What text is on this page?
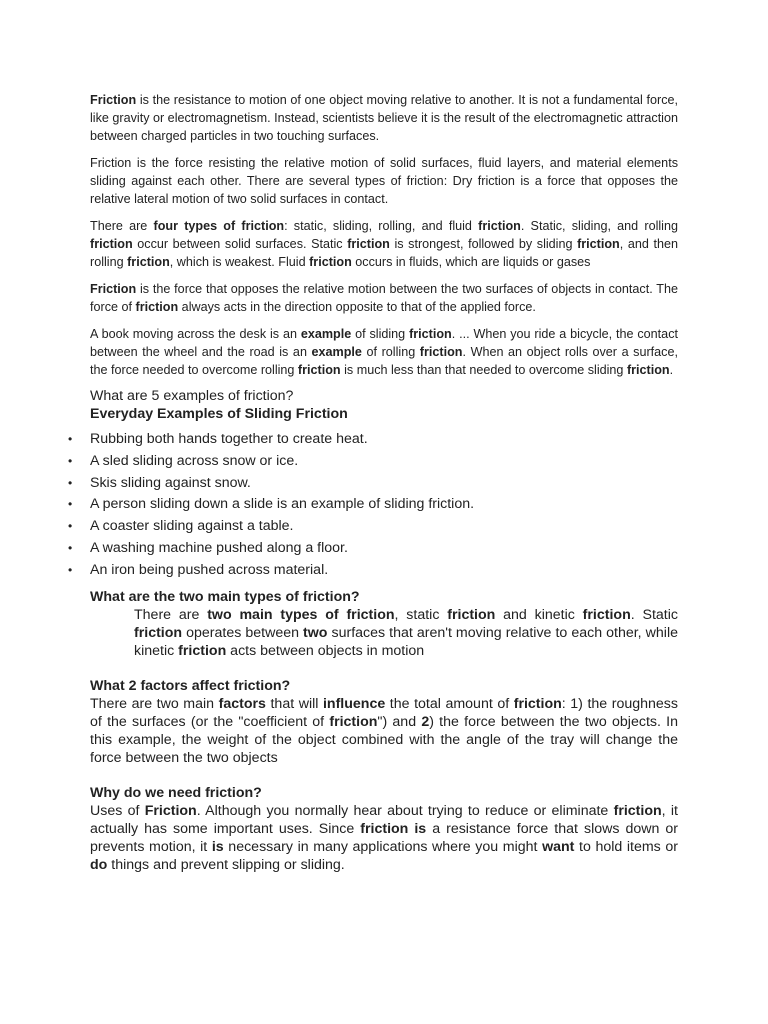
Friction is the resistance to motion of one object moving relative to another. It is not a fundamental force, like gravity or electromagnetism. Instead, scientists believe it is the result of the electromagnetic attraction between charged particles in two touching surfaces.

Friction is the force resisting the relative motion of solid surfaces, fluid layers, and material elements sliding against each other. There are several types of friction: Dry friction is a force that opposes the relative lateral motion of two solid surfaces in contact.

There are four types of friction: static, sliding, rolling, and fluid friction. Static, sliding, and rolling friction occur between solid surfaces. Static friction is strongest, followed by sliding friction, and then rolling friction, which is weakest. Fluid friction occurs in fluids, which are liquids or gases

Friction is the force that opposes the relative motion between the two surfaces of objects in contact. The force of friction always acts in the direction opposite to that of the applied force.

A book moving across the desk is an example of sliding friction. ... When you ride a bicycle, the contact between the wheel and the road is an example of rolling friction. When an object rolls over a surface, the force needed to overcome rolling friction is much less than that needed to overcome sliding friction.

What are 5 examples of friction?
Everyday Examples of Sliding Friction
• Rubbing both hands together to create heat.
• A sled sliding across snow or ice.
• Skis sliding against snow.
• A person sliding down a slide is an example of sliding friction.
• A coaster sliding against a table.
• A washing machine pushed along a floor.
• An iron being pushed across material.
What are the two main types of friction?

There are two main types of friction, static friction and kinetic friction. Static friction operates between two surfaces that aren't moving relative to each other, while kinetic friction acts between objects in motion

What 2 factors affect friction?

There are two main factors that will influence the total amount of friction: 1) the roughness of the surfaces (or the "coefficient of friction") and 2) the force between the two objects. In this example, the weight of the object combined with the angle of the tray will change the force between the two objects

Why do we need friction?

Uses of Friction. Although you normally hear about trying to reduce or eliminate friction, it actually has some important uses. Since friction is a resistance force that slows down or prevents motion, it is necessary in many applications where you might want to hold items or do things and prevent slipping or sliding.
